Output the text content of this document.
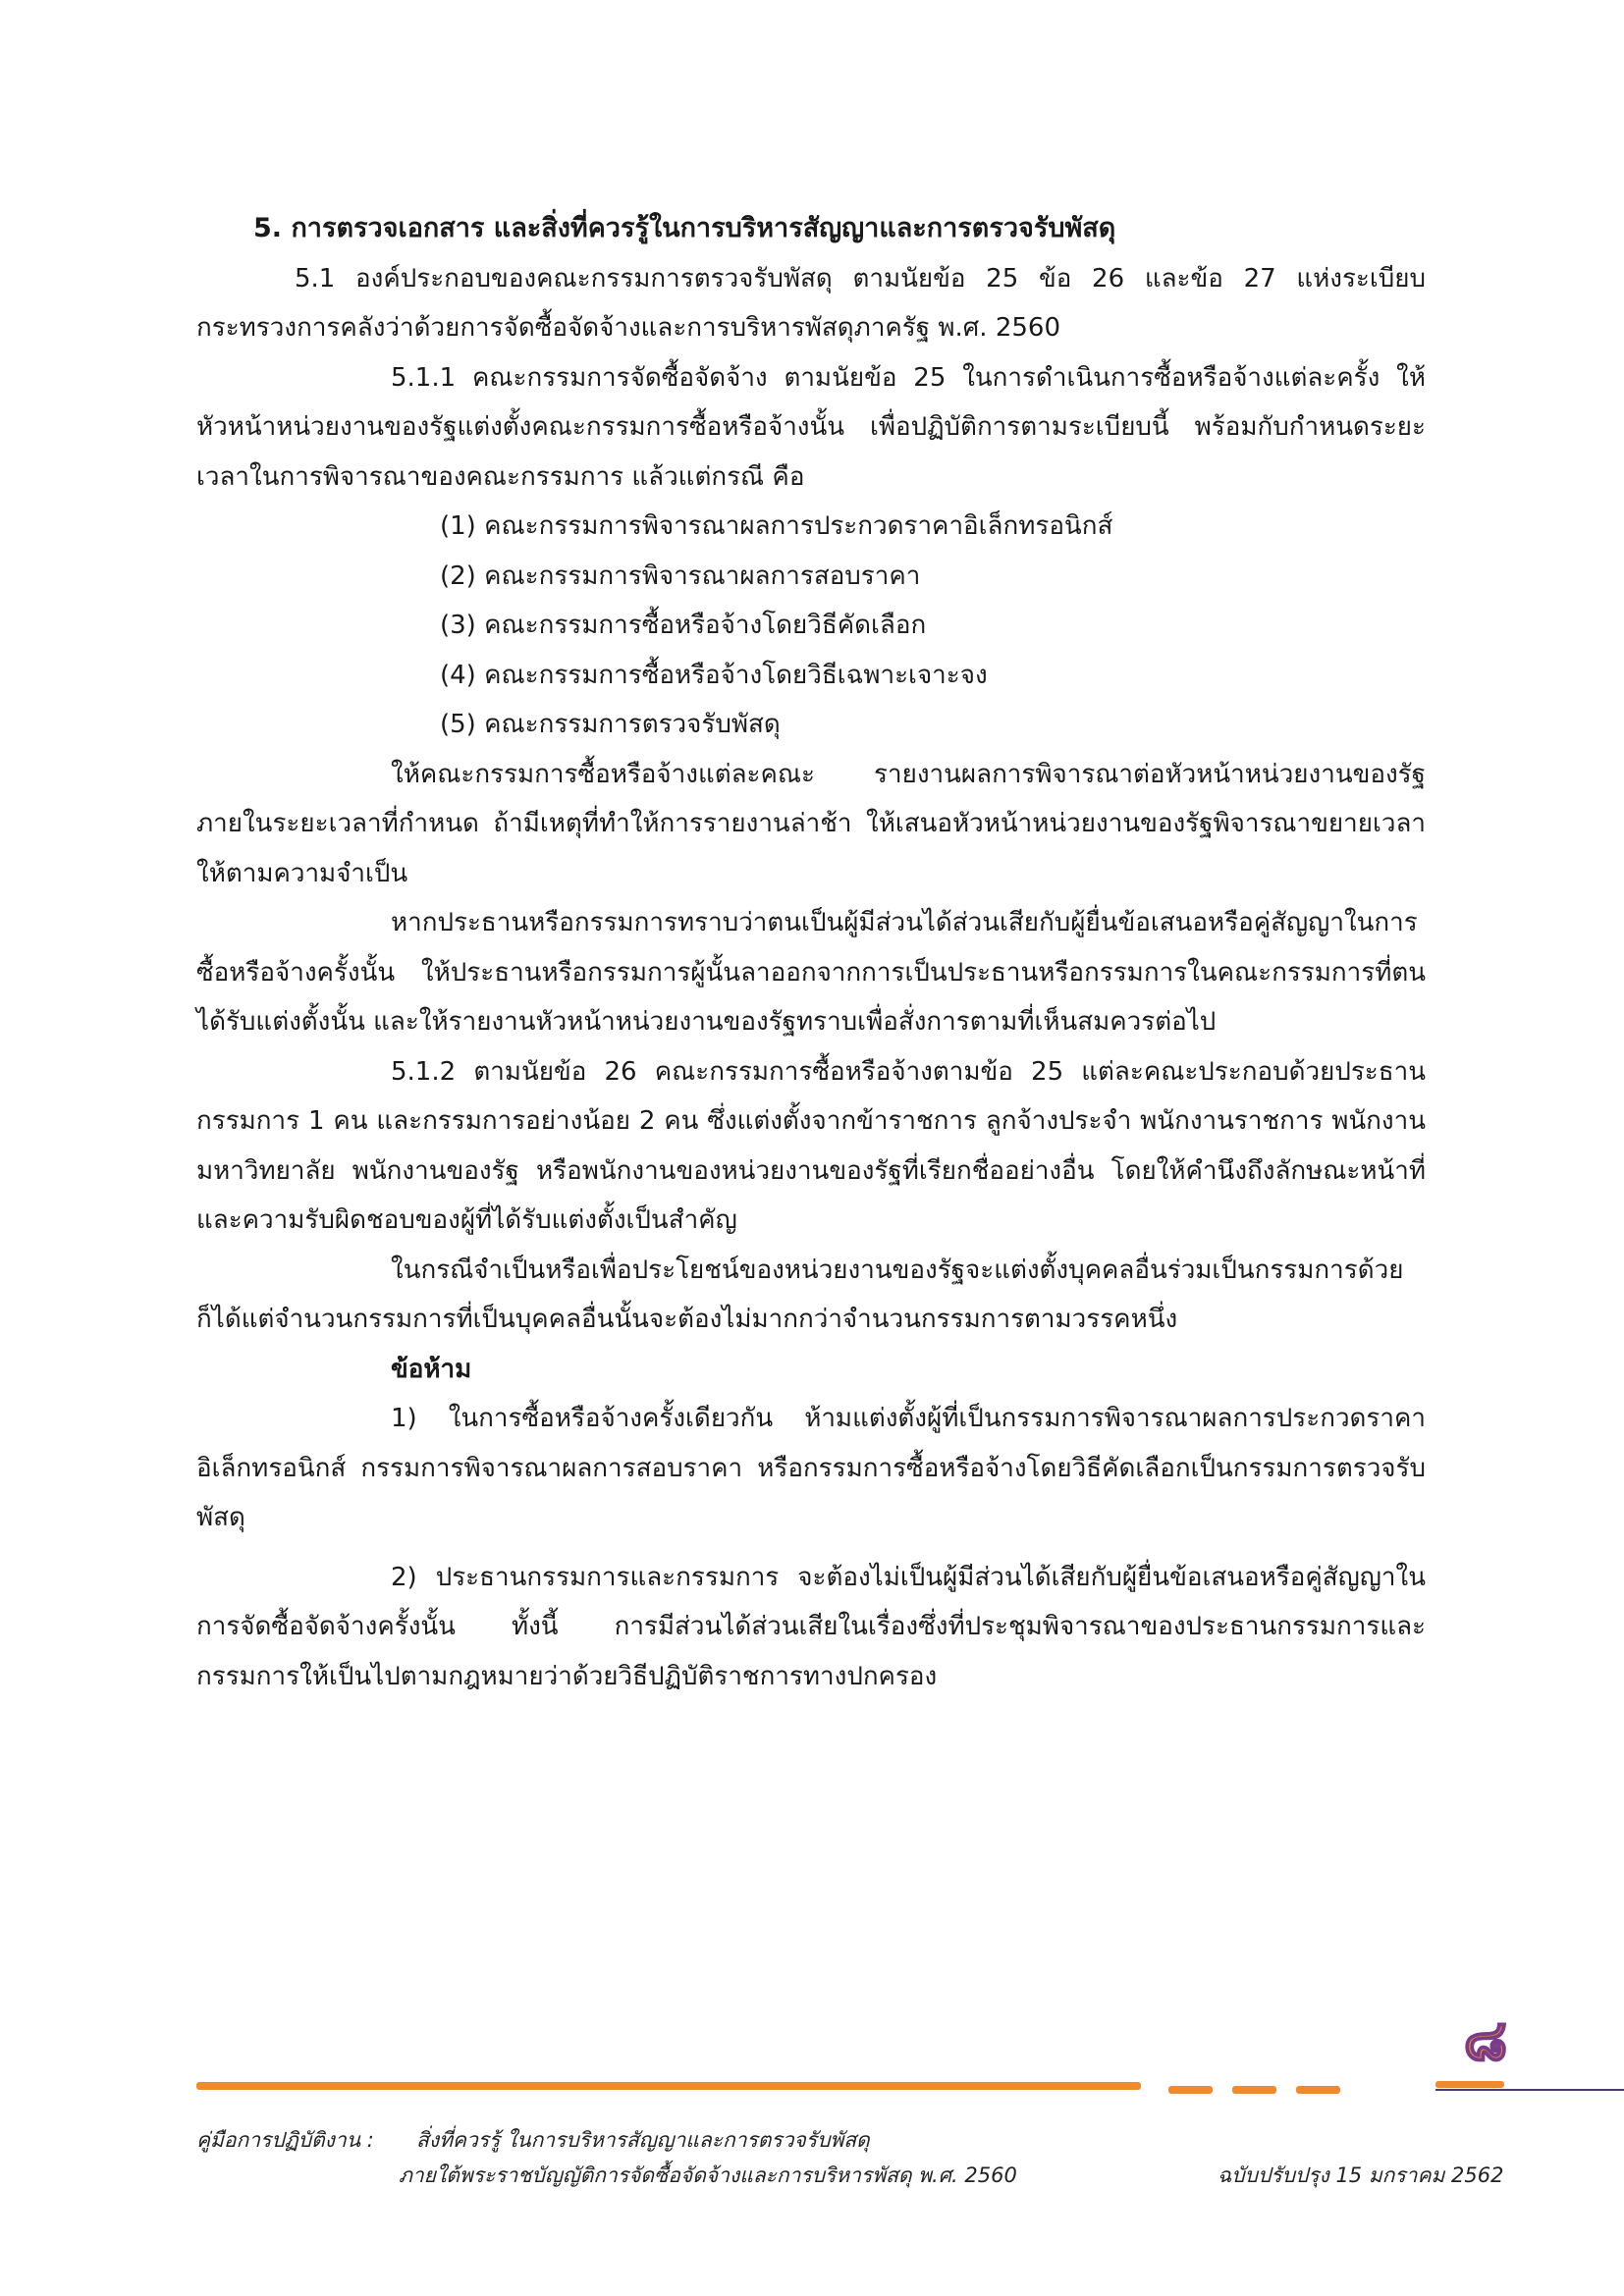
5. การตรวจเอกสาร และสิ่งที่ควรรู้ในการบริหารสัญญาและการตรวจรับพัสดุ

5.1 องค์ประกอบของคณะกรรมการตรวจรับพัสดุ ตามนัยข้อ 25 ข้อ 26 และข้อ 27 แห่งระเบียบกระทรวงการคลังว่าด้วยการจัดซื้อจัดจ้างและการบริหารพัสดุภาครัฐ พ.ศ. 2560

5.1.1 คณะกรรมการจัดซื้อจัดจ้าง ตามนัยข้อ 25 ในการดำเนินการซื้อหรือจ้างแต่ละครั้ง ให้หัวหน้าหน่วยงานของรัฐแต่งตั้งคณะกรรมการซื้อหรือจ้างนั้น เพื่อปฏิบัติการตามระเบียบนี้ พร้อมกับกำหนดระยะเวลาในการพิจารณาของคณะกรรมการ แล้วแต่กรณี คือ

(1) คณะกรรมการพิจารณาผลการประกวดราคาอิเล็กทรอนิกส์

(2) คณะกรรมการพิจารณาผลการสอบราคา

(3) คณะกรรมการซื้อหรือจ้างโดยวิธีคัดเลือก

(4) คณะกรรมการซื้อหรือจ้างโดยวิธีเฉพาะเจาะจง

(5) คณะกรรมการตรวจรับพัสดุ

ให้คณะกรรมการซื้อหรือจ้างแต่ละคณะ รายงานผลการพิจารณาต่อหัวหน้าหน่วยงานของรัฐภายในระยะเวลาที่กำหนด ถ้ามีเหตุที่ทำให้การรายงานล่าช้า ให้เสนอหัวหน้าหน่วยงานของรัฐพิจารณาขยายเวลาให้ตามความจำเป็น

หากประธานหรือกรรมการทราบว่าตนเป็นผู้มีส่วนได้ส่วนเสียกับผู้ยื่นข้อเสนอหรือคู่สัญญาในการซื้อหรือจ้างครั้งนั้น ให้ประธานหรือกรรมการผู้นั้นลาออกจากการเป็นประธานหรือกรรมการในคณะกรรมการที่ตนได้รับแต่งตั้งนั้น และให้รายงานหัวหน้าหน่วยงานของรัฐทราบเพื่อสั่งการตามที่เห็นสมควรต่อไป

5.1.2 ตามนัยข้อ 26 คณะกรรมการซื้อหรือจ้างตามข้อ 25 แต่ละคณะประกอบด้วยประธานกรรมการ 1 คน และกรรมการอย่างน้อย 2 คน ซึ่งแต่งตั้งจากข้าราชการ ลูกจ้างประจำ พนักงานราชการ พนักงานมหาวิทยาลัย พนักงานของรัฐ หรือพนักงานของหน่วยงานของรัฐที่เรียกชื่ออย่างอื่น โดยให้คำนึงถึงลักษณะหน้าที่และความรับผิดชอบของผู้ที่ได้รับแต่งตั้งเป็นสำคัญ

ในกรณีจำเป็นหรือเพื่อประโยชน์ของหน่วยงานของรัฐจะแต่งตั้งบุคคลอื่นร่วมเป็นกรรมการด้วยก็ได้แต่จำนวนกรรมการที่เป็นบุคคลอื่นนั้นจะต้องไม่มากกว่าจำนวนกรรมการตามวรรคหนึ่ง

ข้อห้าม

1) ในการซื้อหรือจ้างครั้งเดียวกัน ห้ามแต่งตั้งผู้ที่เป็นกรรมการพิจารณาผลการประกวดราคาอิเล็กทรอนิกส์ กรรมการพิจารณาผลการสอบราคา หรือกรรมการซื้อหรือจ้างโดยวิธีคัดเลือกเป็นกรรมการตรวจรับพัสดุ

2) ประธานกรรมการและกรรมการ จะต้องไม่เป็นผู้มีส่วนได้เสียกับผู้ยื่นข้อเสนอหรือคู่สัญญาในการจัดซื้อจัดจ้างครั้งนั้น ทั้งนี้ การมีส่วนได้ส่วนเสียในเรื่องซึ่งที่ประชุมพิจารณาของประธานกรรมการและกรรมการให้เป็นไปตามกฎหมายว่าด้วยวิธีปฏิบัติราชการทางปกครอง

๘
คู่มือการปฏิบัติงาน : สิ่งที่ควรรู้ ในการบริหารสัญญาและการตรวจรับพัสดุ
ภายใต้พระราชบัญญัติการจัดซื้อจัดจ้างและการบริหารพัสดุ พ.ศ. 2560	ฉบับปรับปรุง 15 มกราคม 2562
